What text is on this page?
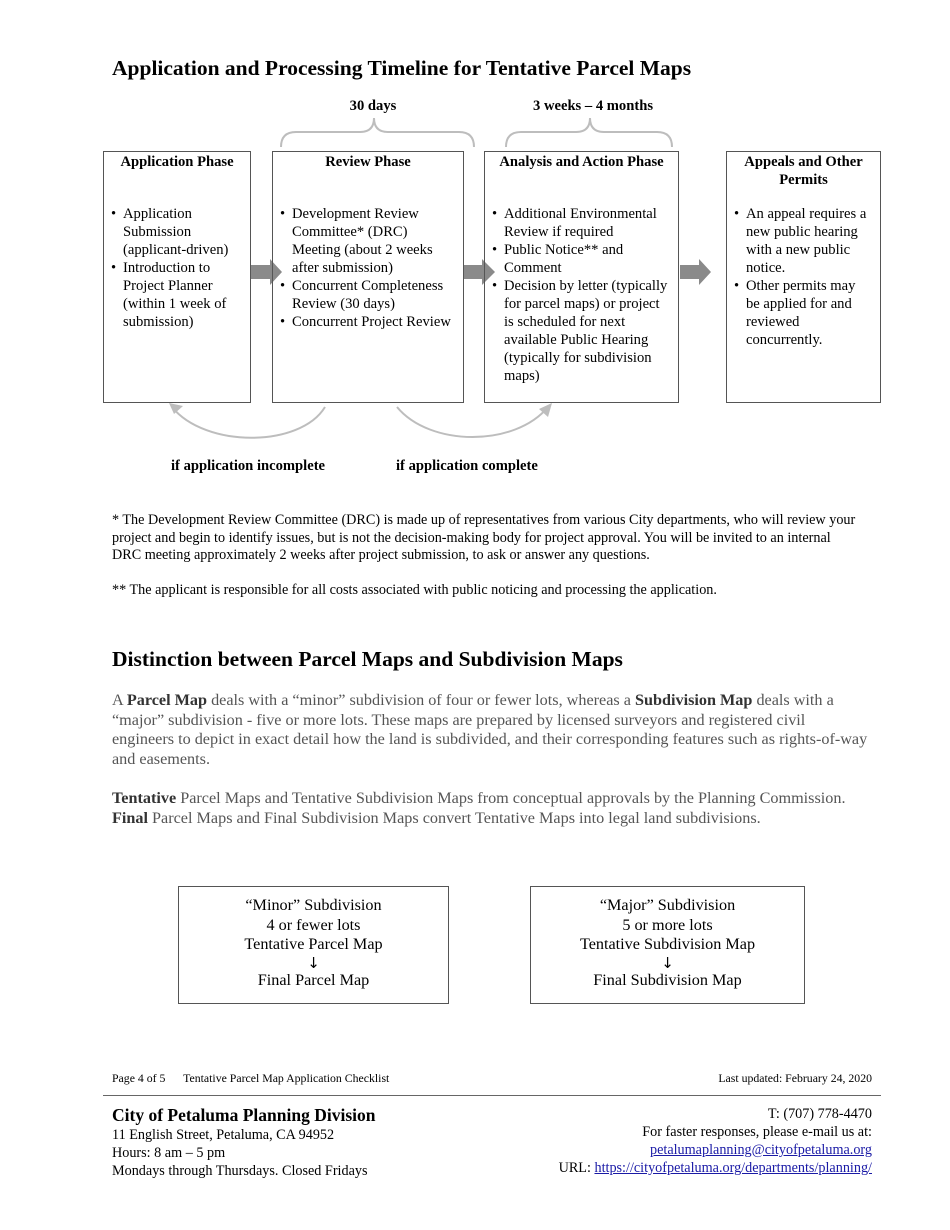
Application and Processing Timeline for Tentative Parcel Maps
30 days	3 weeks – 4 months
Application Phase
• Application Submission (applicant-driven)
• Introduction to Project Planner (within 1 week of submission)
Review Phase
• Development Review Committee* (DRC) Meeting (about 2 weeks after submission)
• Concurrent Completeness Review (30 days)
• Concurrent Project Review
Analysis and Action Phase
• Additional Environmental Review if required
• Public Notice** and Comment
• Decision by letter (typically for parcel maps) or project is scheduled for next available Public Hearing (typically for subdivision maps)
Appeals and Other Permits
• An appeal requires a new public hearing with a new public notice.
• Other permits may be applied for and reviewed concurrently.
if application incomplete	if application complete
* The Development Review Committee (DRC) is made up of representatives from various City departments, who will review your project and begin to identify issues, but is not the decision-making body for project approval. You will be invited to an internal DRC meeting approximately 2 weeks after project submission, to ask or answer any questions.
** The applicant is responsible for all costs associated with public noticing and processing the application.
Distinction between Parcel Maps and Subdivision Maps
A Parcel Map deals with a “minor” subdivision of four or fewer lots, whereas a Subdivision Map deals with a “major” subdivision - five or more lots. These maps are prepared by licensed surveyors and registered civil engineers to depict in exact detail how the land is subdivided, and their corresponding features such as rights-of-way and easements.
Tentative Parcel Maps and Tentative Subdivision Maps from conceptual approvals by the Planning Commission. Final Parcel Maps and Final Subdivision Maps convert Tentative Maps into legal land subdivisions.
“Minor” Subdivision
4 or fewer lots
Tentative Parcel Map
↓
Final Parcel Map
“Major” Subdivision
5 or more lots
Tentative Subdivision Map
↓
Final Subdivision Map
Page 4 of 5 Tentative Parcel Map Application Checklist	Last updated: February 24, 2020
City of Petaluma Planning Division
11 English Street, Petaluma, CA 94952
Hours: 8 am – 5 pm
Mondays through Thursdays. Closed Fridays
T: (707) 778-4470
For faster responses, please e-mail us at:
petalumaplanning@cityofpetaluma.org
URL: https://cityofpetaluma.org/departments/planning/
